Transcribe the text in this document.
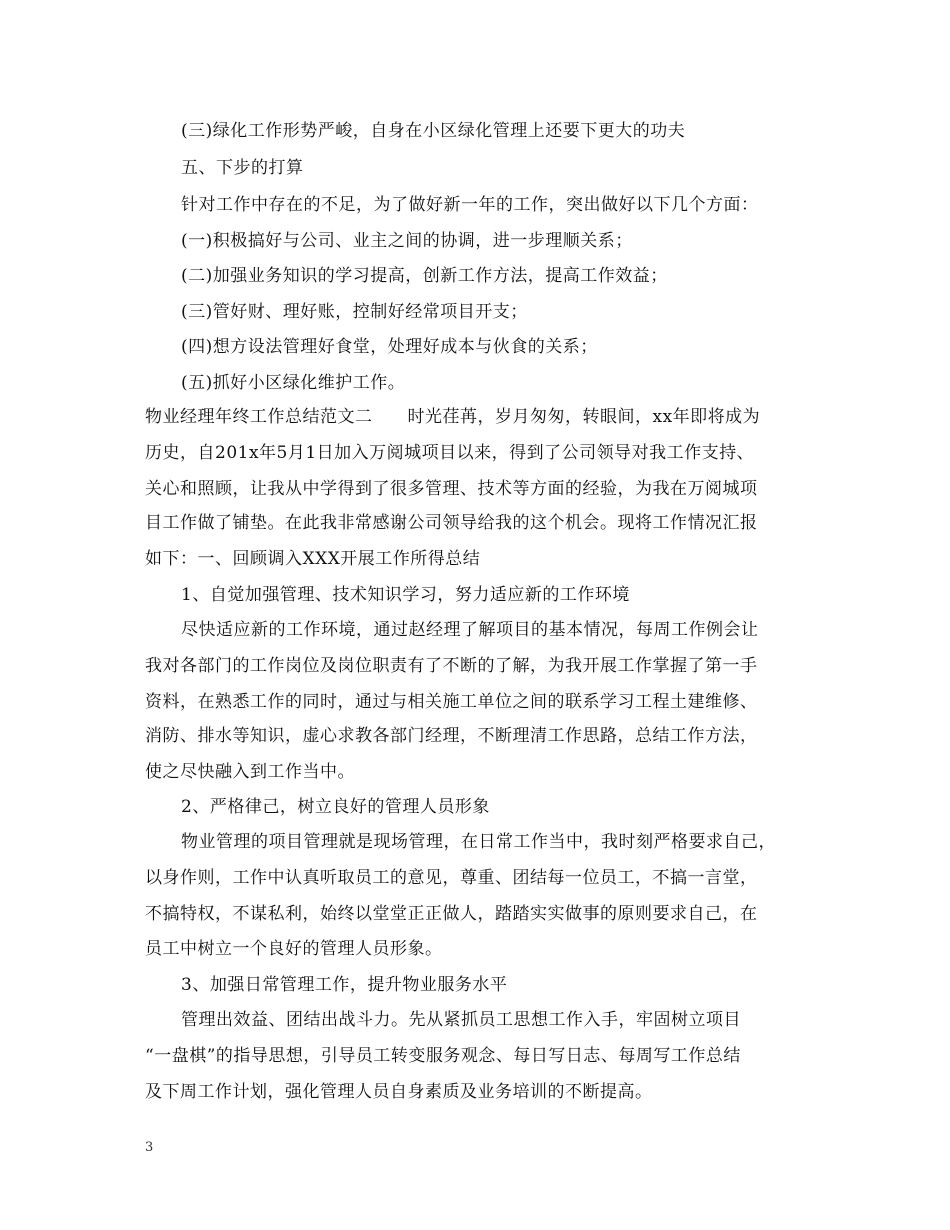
(三)绿化工作形势严峻，自身在小区绿化管理上还要下更大的功夫
五、下步的打算
针对工作中存在的不足，为了做好新一年的工作，突出做好以下几个方面：
(一)积极搞好与公司、业主之间的协调，进一步理顺关系；
(二)加强业务知识的学习提高，创新工作方法，提高工作效益；
(三)管好财、理好账，控制好经常项目开支；
(四)想方设法管理好食堂，处理好成本与伙食的关系；
(五)抓好小区绿化维护工作。
物业经理年终工作总结范文二　　时光荏苒，岁月匆匆，转眼间，xx年即将成为
历史，自201x年5月1日加入万阅城项目以来，得到了公司领导对我工作支持、
关心和照顾，让我从中学得到了很多管理、技术等方面的经验，为我在万阅城项
目工作做了铺垫。在此我非常感谢公司领导给我的这个机会。现将工作情况汇报
如下：一、回顾调入XXX开展工作所得总结
1、自觉加强管理、技术知识学习，努力适应新的工作环境
尽快适应新的工作环境，通过赵经理了解项目的基本情况，每周工作例会让
我对各部门的工作岗位及岗位职责有了不断的了解，为我开展工作掌握了第一手
资料，在熟悉工作的同时，通过与相关施工单位之间的联系学习工程土建维修、
消防、排水等知识，虚心求教各部门经理，不断理清工作思路，总结工作方法，
使之尽快融入到工作当中。
2、严格律己，树立良好的管理人员形象
物业管理的项目管理就是现场管理，在日常工作当中，我时刻严格要求自己，
以身作则，工作中认真听取员工的意见，尊重、团结每一位员工，不搞一言堂，
不搞特权，不谋私利，始终以堂堂正正做人，踏踏实实做事的原则要求自己，在
员工中树立一个良好的管理人员形象。
3、加强日常管理工作，提升物业服务水平
管理出效益、团结出战斗力。先从紧抓员工思想工作入手，牢固树立项目
“一盘棋”的指导思想，引导员工转变服务观念、每日写日志、每周写工作总结
及下周工作计划，强化管理人员自身素质及业务培训的不断提高。
3
